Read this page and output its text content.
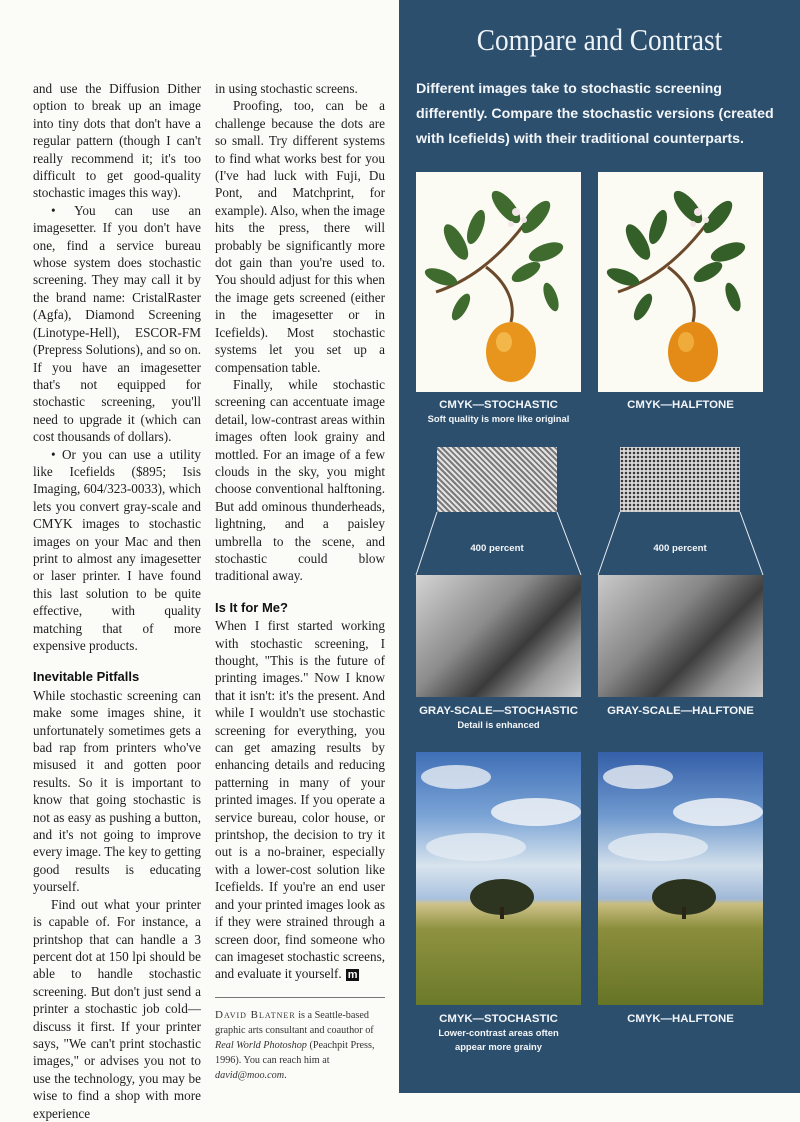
and use the Diffusion Dither option to break up an image into tiny dots that don't have a regular pattern (though I can't really recommend it; it's too difficult to get good-quality stochastic images this way).

• You can use an imagesetter. If you don't have one, find a service bureau whose system does stochastic screening. They may call it by the brand name: CristalRaster (Agfa), Diamond Screening (Linotype-Hell), ESCOR-FM (Prepress Solutions), and so on. If you have an imagesetter that's not equipped for stochastic screening, you'll need to upgrade it (which can cost thousands of dollars).

• Or you can use a utility like Icefields ($895; Isis Imaging, 604/323-0033), which lets you convert gray-scale and CMYK images to stochastic images on your Mac and then print to almost any imagesetter or laser printer. I have found this last solution to be quite effective, with quality matching that of more expensive products.

Inevitable Pitfalls

While stochastic screening can make some images shine, it unfortunately sometimes gets a bad rap from printers who've misused it and gotten poor results. So it is important to know that going stochastic is not as easy as pushing a button, and it's not going to improve every image. The key to getting good results is educating yourself.

Find out what your printer is capable of. For instance, a printshop that can handle a 3 percent dot at 150 lpi should be able to handle stochastic screening. But don't just send a printer a stochastic job cold—discuss it first. If your printer says, "We can't print stochastic images," or advises you not to use the technology, you may be wise to find a shop with more experience

in using stochastic screens.

Proofing, too, can be a challenge because the dots are so small. Try different systems to find what works best for you (I've had luck with Fuji, Du Pont, and Matchprint, for example). Also, when the image hits the press, there will probably be significantly more dot gain than you're used to. You should adjust for this when the image gets screened (either in the imagesetter or in Icefields). Most stochastic systems let you set up a compensation table.

Finally, while stochastic screening can accentuate image detail, low-contrast areas within images often look grainy and mottled. For an image of a few clouds in the sky, you might choose conventional halftoning. But add ominous thunderheads, lightning, and a paisley umbrella to the scene, and stochastic could blow traditional away.

Is It for Me?

When I first started working with stochastic screening, I thought, "This is the future of printing images." Now I know that it isn't: it's the present. And while I wouldn't use stochastic screening for everything, you can get amazing results by enhancing details and reducing patterning in many of your printed images. If you operate a service bureau, color house, or printshop, the decision to try it out is a no-brainer, especially with a lower-cost solution like Icefields. If you're an end user and your printed images look as if they were strained through a screen door, find someone who can imageset stochastic screens, and evaluate it yourself. m

David Blatner is a Seattle-based graphic arts consultant and coauthor of Real World Photoshop (Peachpit Press, 1996). You can reach him at david@moo.com.

Compare and Contrast
Different images take to stochastic screening differently. Compare the stochastic versions (created with Icefields) with their traditional counterparts.
CMYK—STOCHASTIC
Soft quality is more like original
CMYK—HALFTONE
400 percent	400 percent
GRAY-SCALE—STOCHASTIC
Detail is enhanced
GRAY-SCALE—HALFTONE
CMYK—STOCHASTIC
Lower-contrast areas often appear more grainy
CMYK—HALFTONE
